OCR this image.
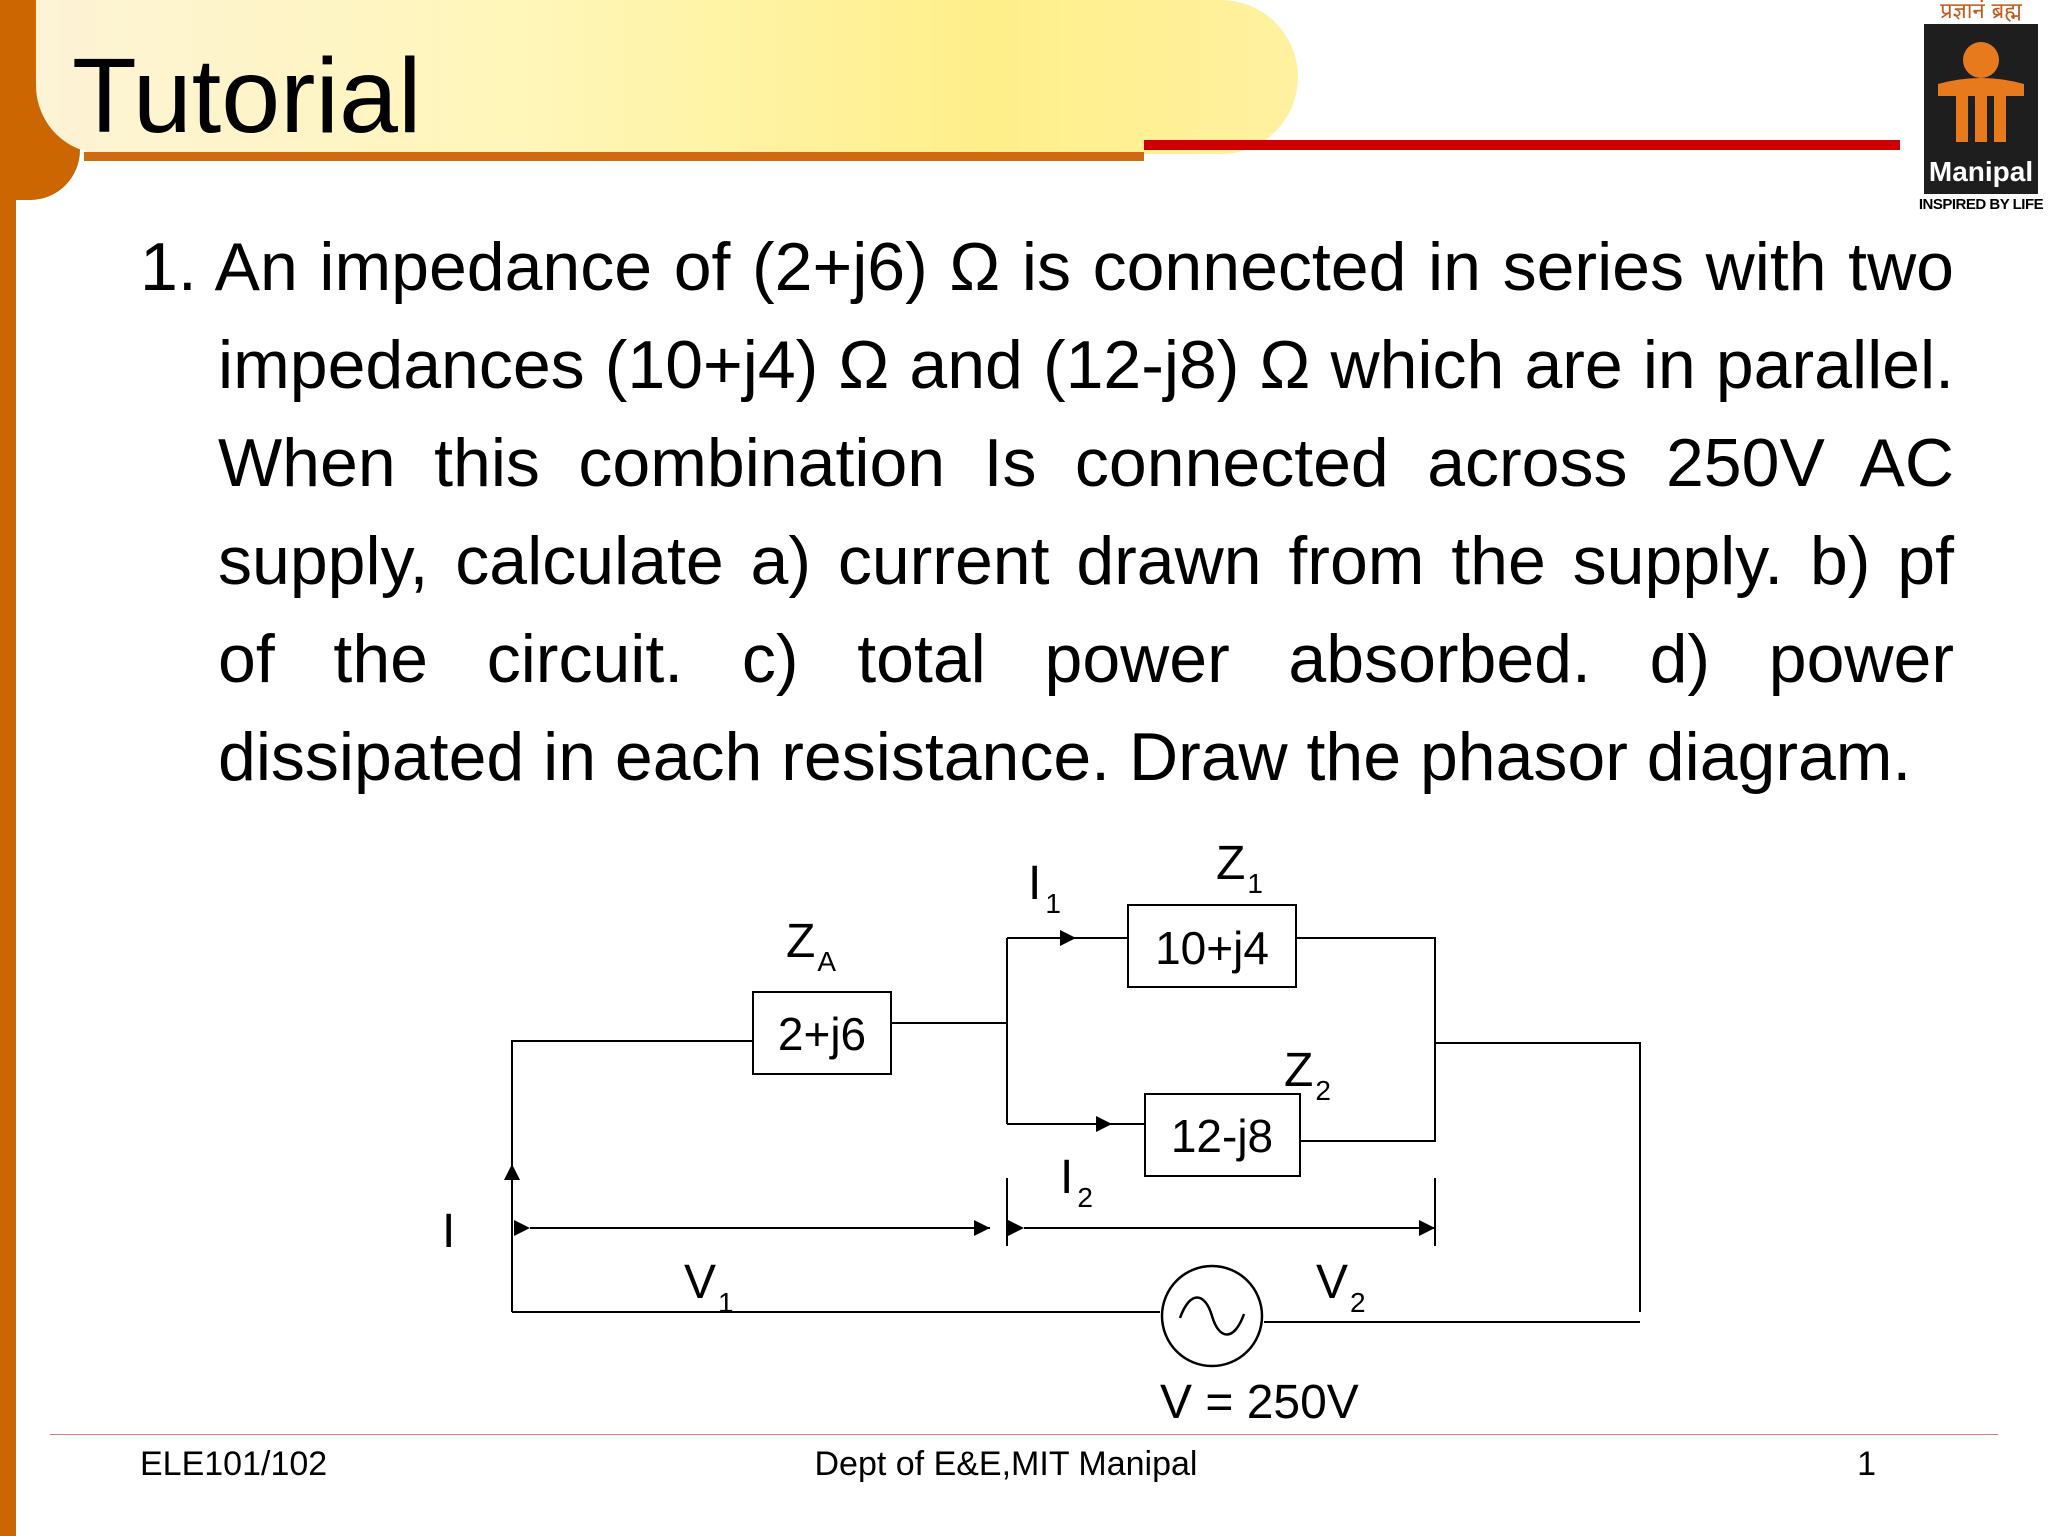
Tutorial
प्रज्ञानं ब्रह्म
Manipal
INSPIRED BY LIFE
1. An impedance of (2+j6) Ω is connected in series with two impedances (10+j4) Ω and (12-j8) Ω which are in parallel. When this combination Is connected across 250V AC supply, calculate a) current drawn from the supply. b) pf of the circuit. c) total power absorbed. d) power dissipated in each resistance. Draw the phasor diagram.
2+j6
10+j4
12-j8
$Z_A$
$Z_1$
$Z_2$
I $_1$
I $_2$
I
$V_1$	$V_2$
V = 250V
ELE101/102	Dept of E&E,MIT Manipal	1
